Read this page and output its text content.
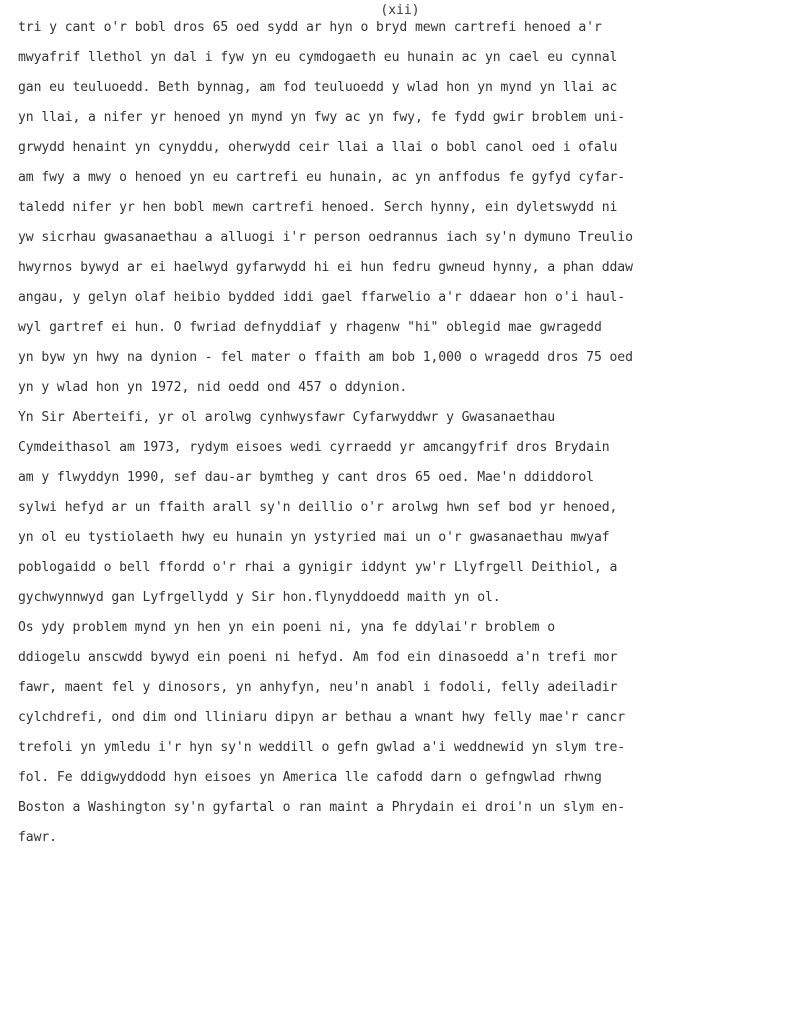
(xii)
tri y cant o'r bobl dros 65 oed sydd ar hyn o bryd mewn cartrefi henoed a'r
mwyafrif llethol yn dal i fyw yn eu cymdogaeth eu hunain ac yn cael eu cynnal
gan eu teuluoedd. Beth bynnag, am fod teuluoedd y wlad hon yn mynd yn llai ac
yn llai, a nifer yr henoed yn mynd yn fwy ac yn fwy, fe fydd gwir broblem uni-
grwydd henaint yn cynyddu, oherwydd ceir llai a llai o bobl canol oed i ofalu
am fwy a mwy o henoed yn eu cartrefi eu hunain, ac yn anffodus fe gyfyd cyfar-
taledd nifer yr hen bobl mewn cartrefi henoed. Serch hynny, ein dyletswydd ni
yw sicrhau gwasanaethau a alluogi i'r person oedrannus iach sy'n dymuno Treulio
hwyrnos bywyd ar ei haelwyd gyfarwydd hi ei hun fedru gwneud hynny, a phan ddaw
angau, y gelyn olaf heibio bydded iddi gael ffarwelio a'r ddaear hon o'i haul-
wyl gartref ei hun. O fwriad defnyddiaf y rhagenw "hi" oblegid mae gwragedd
yn byw yn hwy na dynion - fel mater o ffaith am bob 1,000 o wragedd dros 75 oed
yn y wlad hon yn 1972, nid oedd ond 457 o ddynion.
Yn Sir Aberteifi, yr ol arolwg cynhwysfawr Cyfarwyddwr y Gwasanaethau
Cymdeithasol am 1973, rydym eisoes wedi cyrraedd yr amcangyfrif dros Brydain
am y flwyddyn 1990, sef dau-ar bymtheg y cant dros 65 oed. Mae'n ddiddorol
sylwi hefyd ar un ffaith arall sy'n deillio o'r arolwg hwn sef bod yr henoed,
yn ol eu tystiolaeth hwy eu hunain yn ystyried mai un o'r gwasanaethau mwyaf
poblogaidd o bell ffordd o'r rhai a gynigir iddynt yw'r Llyfrgell Deithiol, a
gychwynnwyd gan Lyfrgellydd y Sir hon.flynyddoedd maith yn ol.
Os ydy problem mynd yn hen yn ein poeni ni, yna fe ddylai'r broblem o
ddiogelu anscwdd bywyd ein poeni ni hefyd. Am fod ein dinasoedd a'n trefi mor
fawr, maent fel y dinosors, yn anhyfyn, neu'n anabl i fodoli, felly adeiladir
cylchdrefi, ond dim ond lliniaru dipyn ar bethau a wnant hwy felly mae'r cancr
trefoli yn ymledu i'r hyn sy'n weddill o gefn gwlad a'i weddnewid yn slym tre-
fol. Fe ddigwyddodd hyn eisoes yn America lle cafodd darn o gefngwlad rhwng
Boston a Washington sy'n gyfartal o ran maint a Phrydain ei droi'n un slym en-
fawr.
